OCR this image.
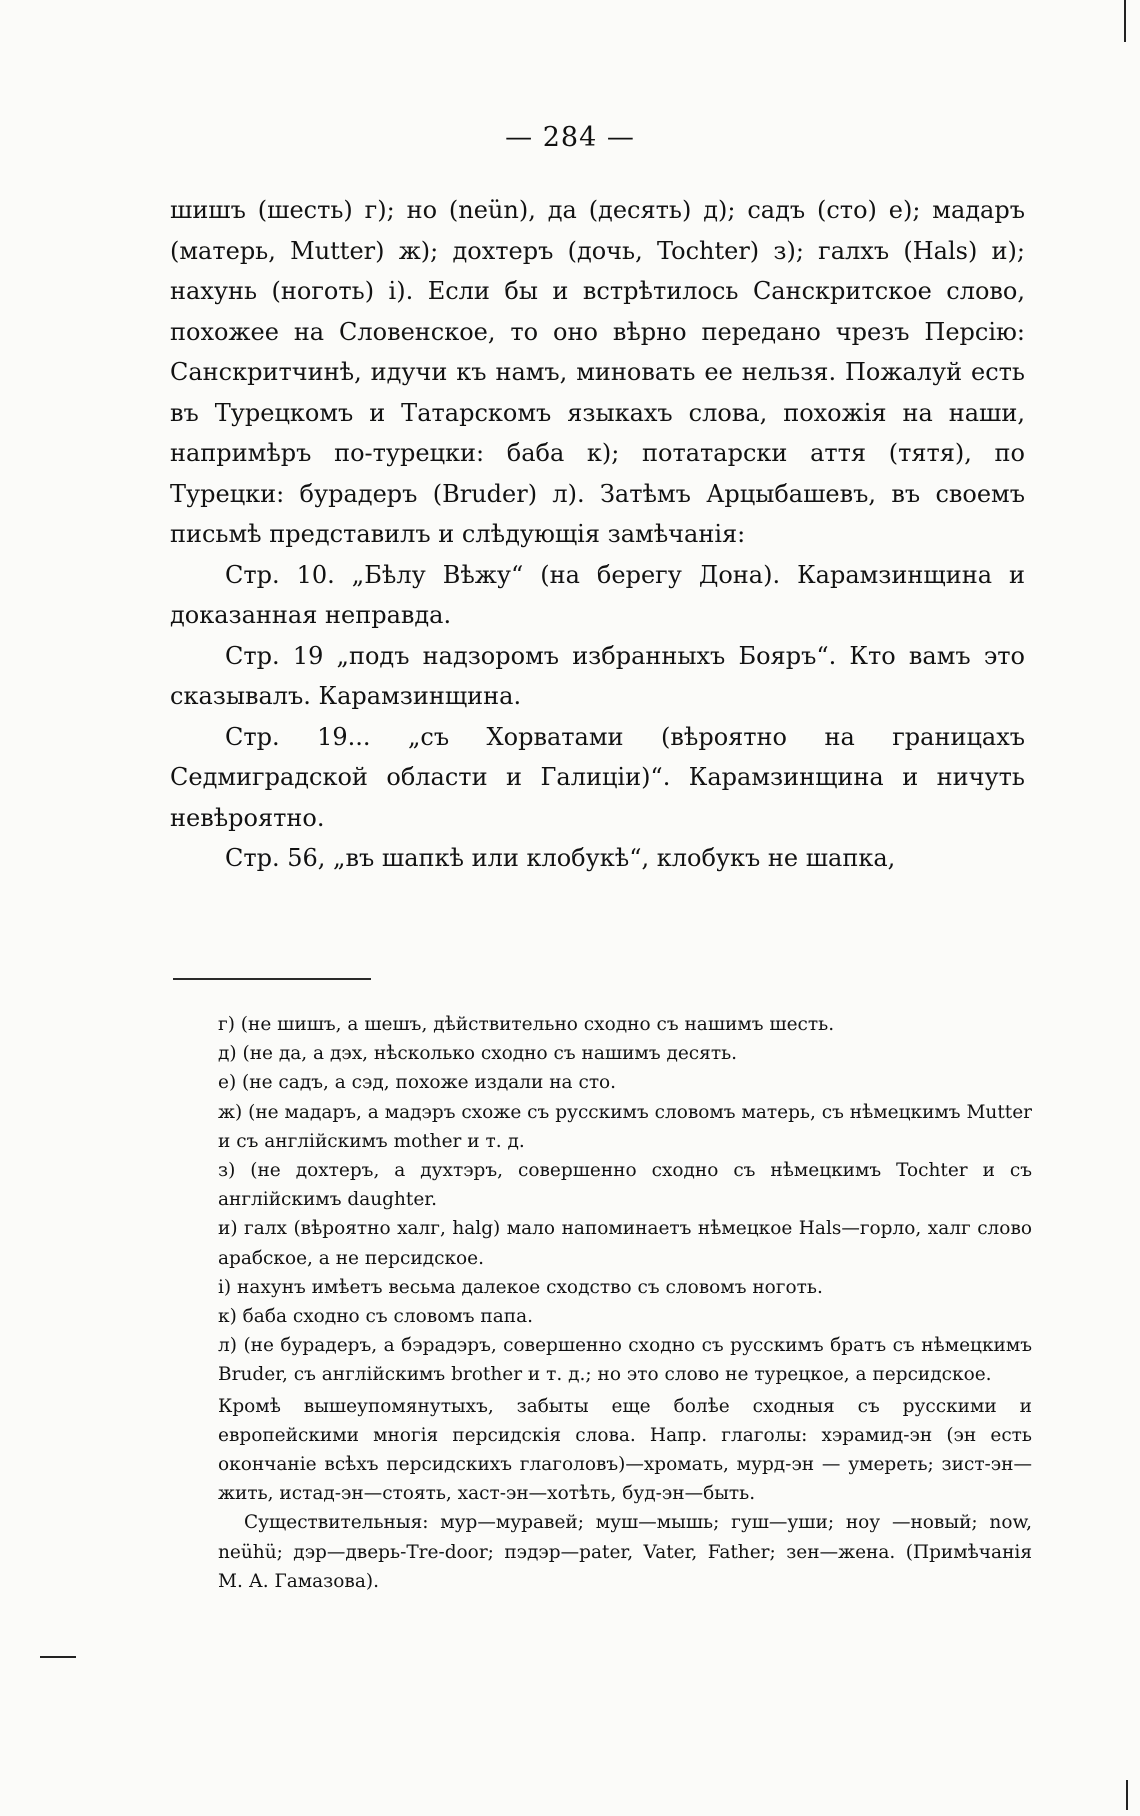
— 284 —

шишъ (шесть) г); но (neün), да (десять) д); садъ (сто) е); мадаръ (матерь, Mutter) ж); дохтеръ (дочь, Tochter) з); галхъ (Hals) и); нахунь (ноготь) i). Если бы и встрѣтилось Санскритское слово, похожее на Словенское, то оно вѣрно передано чрезъ Персію: Санскритчинѣ, идучи къ намъ, миновать ее нельзя. Пожалуй есть въ Турецкомъ и Татарскомъ языкахъ слова, похожія на наши, напримѣръ по-турецки: баба к); потатарски аття (тятя), по Турецки: бурадеръ (Bruder) л). Затѣмъ Арцыбашевъ, въ своемъ письмѣ представилъ и слѣдующія замѣчанія:

Стр. 10. „Бѣлу Вѣжу“ (на берегу Дона). Карамзинщина и доказанная неправда.

Стр. 19 „подъ надзоромъ избранныхъ Бояръ“. Кто вамъ это сказывалъ. Карамзинщина.

Стр. 19... „съ Хорватами (вѣроятно на границахъ Седмиградской области и Галиціи)“. Карамзинщина и ничуть невѣроятно.

Стр. 56, „въ шапкѣ или клобукѣ“, клобукъ не шапка,

г) (не шишъ, а шешъ, дѣйствительно сходно съ нашимъ шесть.

д) (не да, а дэх, нѣсколько сходно съ нашимъ десять.

е) (не садъ, а сэд, похоже издали на сто.

ж) (не мадаръ, а мадэръ схоже съ русскимъ словомъ матерь, съ нѣмецкимъ Mutter и съ англійскимъ mother и т. д.

з) (не дохтеръ, а духтэръ, совершенно сходно съ нѣмецкимъ Tochter и съ англійскимъ daughter.

и) галх (вѣроятно халг, halg) мало напоминаетъ нѣмецкое Hals—горло, халг слово арабское, а не персидское.

i) нахунъ имѣетъ весьма далекое сходство съ словомъ ноготь.

к) баба сходно съ словомъ папа.

л) (не бурадеръ, а бэрадэръ, совершенно сходно съ русскимъ братъ съ нѣмецкимъ Bruder, съ англійскимъ brother и т. д.; но это слово не турецкое, а персидское.

Кромѣ вышеупомянутыхъ, забыты еще болѣе сходныя съ русскими и европейскими многія персидскія слова. Напр. глаголы: хэрамид-эн (эн есть окончаніе всѣхъ персидскихъ глаголовъ)—хромать, мурд-эн — умереть; зист-эн—жить, истад-эн—стоять, хаст-эн—хотѣть, буд-эн—быть.

Существительныя: мур—муравей; муш—мышь; гуш—уши; ноу —новый; now, neühü; дэр—дверь-Tre-door; пэдэр—pater, Vater, Father; зен—жена. (Примѣчанія М. А. Гамазова).
